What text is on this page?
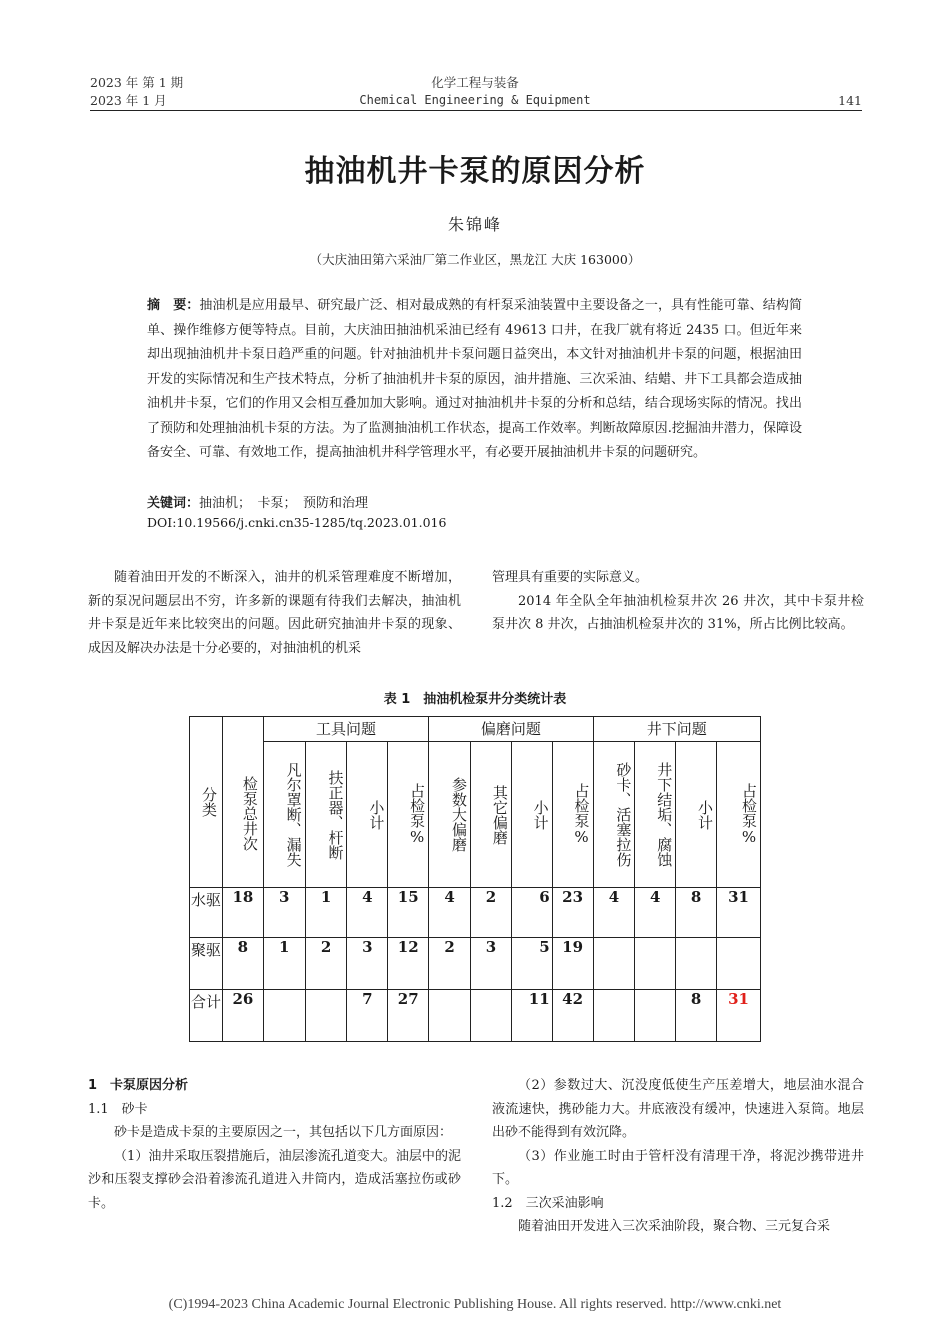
2023 年 第 1 期
2023 年 1 月
化学工程与装备
Chemical Engineering & Equipment	141
抽油机井卡泵的原因分析
朱锦峰
（大庆油田第六采油厂第二作业区，黑龙江 大庆 163000）
摘　要：抽油机是应用最早、研究最广泛、相对最成熟的有杆泵采油装置中主要设备之一，具有性能可靠、结构简单、操作维修方便等特点。目前，大庆油田抽油机采油已经有 49613 口井，在我厂就有将近 2435 口。但近年来却出现抽油机井卡泵日趋严重的问题。针对抽油机井卡泵问题日益突出，本文针对抽油机井卡泵的问题，根据油田开发的实际情况和生产技术特点，分析了抽油机井卡泵的原因，油井措施、三次采油、结蜡、井下工具都会造成抽油机井卡泵，它们的作用又会相互叠加加大影响。通过对抽油机井卡泵的分析和总结，结合现场实际的情况。找出了预防和处理抽油机卡泵的方法。为了监测抽油机工作状态，提高工作效率。判断故障原因.挖掘油井潜力，保障设备安全、可靠、有效地工作，提高抽油机井科学管理水平，有必要开展抽油机井卡泵的问题研究。
关键词：抽油机；　卡泵；　预防和治理
DOI:10.19566/j.cnki.cn35-1285/tq.2023.01.016

随着油田开发的不断深入，油井的机采管理难度不断增加，新的泵况问题层出不穷，许多新的课题有待我们去解决，抽油机井卡泵是近年来比较突出的问题。因此研究抽油井卡泵的现象、成因及解决办法是十分必要的，对抽油机的机采

管理具有重要的实际意义。

2014 年全队全年抽油机检泵井次 26 井次，其中卡泵井检泵井次 8 井次，占抽油机检泵井次的 31%，所占比例比较高。

表 1　抽油机检泵井分类统计表
分类	检泵总井次	工具问题				偏磨问题				井下问题			
		凡尔罩断、漏失	扶正器、杆断	小计	占检泵%	参数大偏磨	其它偏磨	小计	占检泵%	砂卡、活塞拉伤	井下结垢、腐蚀	小计	占检泵%
水驱	18	3	1	4	15	4	2	6	23	4	4	8	31
聚驱	8	1	2	3	12	2	3	5	19				
合计	26			7	27			11	42			8	31
1　卡泵原因分析
1.1　砂卡

砂卡是造成卡泵的主要原因之一，其包括以下几方面原因：

（1）油井采取压裂措施后，油层渗流孔道变大。油层中的泥沙和压裂支撑砂会沿着渗流孔道进入井筒内，造成活塞拉伤或砂卡。

（2）参数过大、沉没度低使生产压差增大，地层油水混合液流速快，携砂能力大。井底液没有缓冲，快速进入泵筒。地层出砂不能得到有效沉降。

（3）作业施工时由于管杆没有清理干净，将泥沙携带进井下。

1.2　三次采油影响

随着油田开发进入三次采油阶段，聚合物、三元复合采

(C)1994-2023 China Academic Journal Electronic Publishing House. All rights reserved. http://www.cnki.net
